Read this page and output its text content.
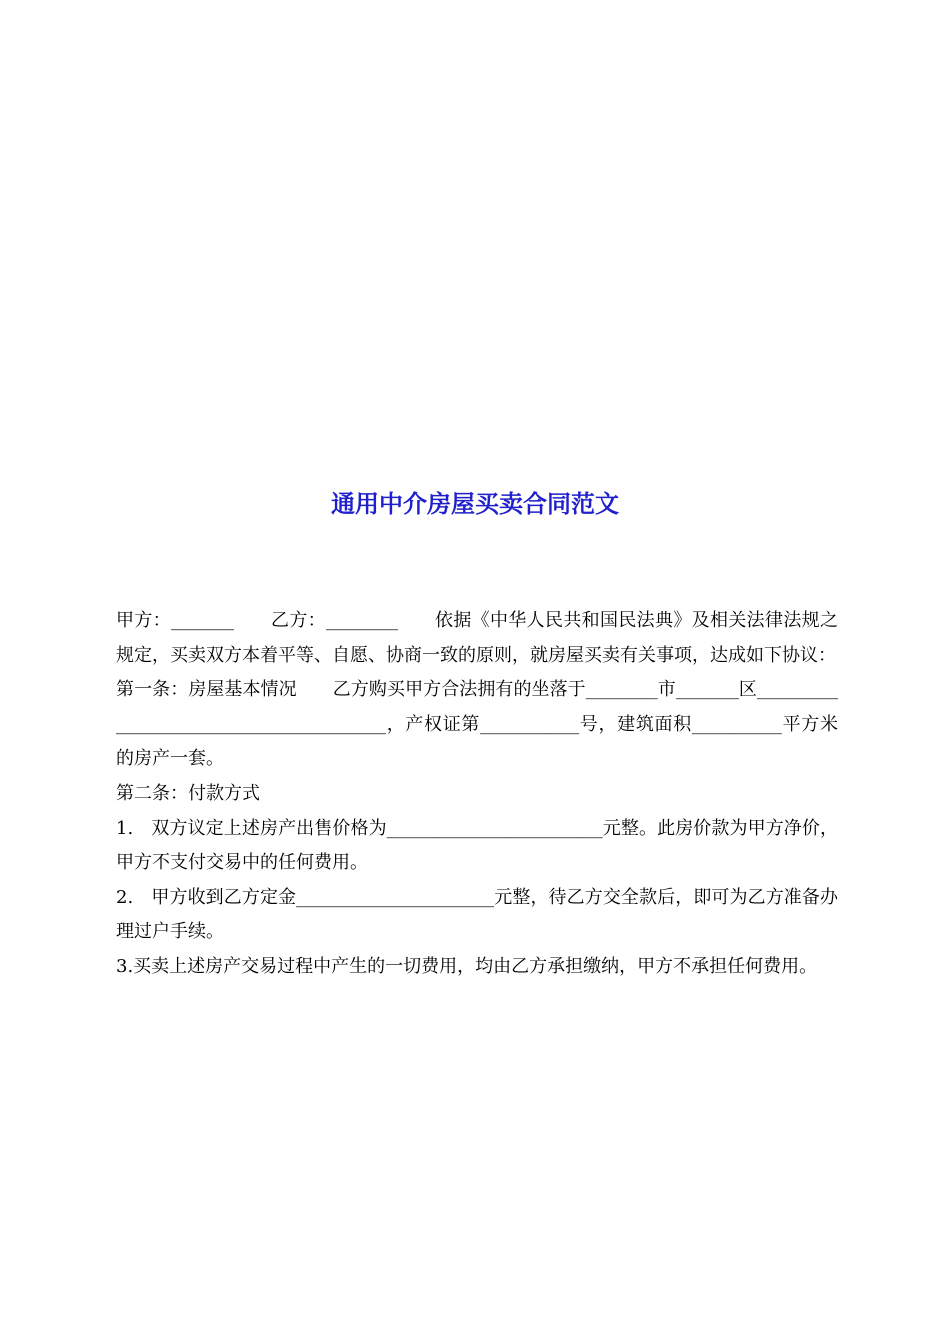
通用中介房屋买卖合同范文

甲方：_______　　乙方：________　　依据《中华人民共和国民法典》及相关法律法规之规定，买卖双方本着平等、自愿、协商一致的原则，就房屋买卖有关事项，达成如下协议：

第一条：房屋基本情况　　乙方购买甲方合法拥有的坐落于________市_______区_______________________________________，产权证第___________号，建筑面积__________平方米的房产一套。

第二条：付款方式

1.　双方议定上述房产出售价格为________________________元整。此房价款为甲方净价，甲方不支付交易中的任何费用。

2.　甲方收到乙方定金______________________元整，待乙方交全款后，即可为乙方准备办理过户手续。

3.买卖上述房产交易过程中产生的一切费用，均由乙方承担缴纳，甲方不承担任何费用。
